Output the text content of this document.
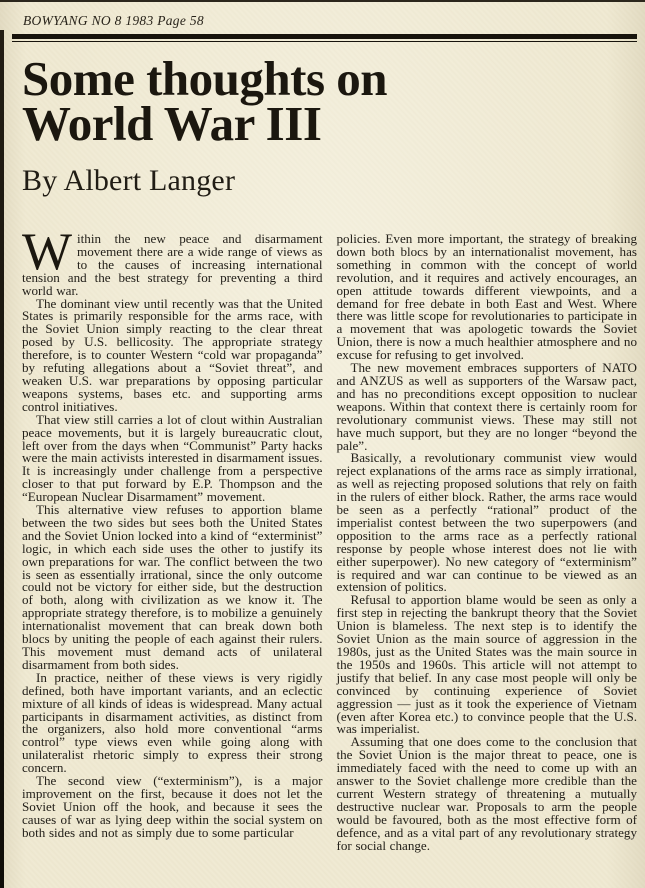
BOWYANG NO 8 1983 Page 58
Some thoughts on
World War III
By Albert Langer

Within the new peace and disarmament movement there are a wide range of views as to the causes of increasing international tension and the best strategy for preventing a third world war.

The dominant view until recently was that the United States is primarily responsible for the arms race, with the Soviet Union simply reacting to the clear threat posed by U.S. bellicosity. The appropriate strategy therefore, is to counter Western “cold war propaganda” by refuting allegations about a “Soviet threat”, and weaken U.S. war preparations by opposing particular weapons systems, bases etc. and supporting arms control initiatives.

That view still carries a lot of clout within Australian peace movements, but it is largely bureaucratic clout, left over from the days when “Communist” Party hacks were the main activists interested in disarmament issues. It is increasingly under challenge from a perspective closer to that put forward by E.P. Thompson and the “European Nuclear Disarmament” movement.

This alternative view refuses to apportion blame between the two sides but sees both the United States and the Soviet Union locked into a kind of “exterminist” logic, in which each side uses the other to justify its own preparations for war. The conflict between the two is seen as essentially irrational, since the only outcome could not be victory for either side, but the destruction of both, along with civilization as we know it. The appropriate strategy therefore, is to mobilize a genuinely internationalist movement that can break down both blocs by uniting the people of each against their rulers. This movement must demand acts of unilateral disarmament from both sides.

In practice, neither of these views is very rigidly defined, both have important variants, and an eclectic mixture of all kinds of ideas is widespread. Many actual participants in disarmament activities, as distinct from the organizers, also hold more conventional “arms control” type views even while going along with unilateralist rhetoric simply to express their strong concern.

The second view (“exterminism”), is a major improvement on the first, because it does not let the Soviet Union off the hook, and because it sees the causes of war as lying deep within the social system on both sides and not as simply due to some particular

policies. Even more important, the strategy of breaking down both blocs by an internationalist movement, has something in common with the concept of world revolution, and it requires and actively encourages, an open attitude towards different viewpoints, and a demand for free debate in both East and West. Where there was little scope for revolutionaries to participate in a movement that was apologetic towards the Soviet Union, there is now a much healthier atmosphere and no excuse for refusing to get involved.

The new movement embraces supporters of NATO and ANZUS as well as supporters of the Warsaw pact, and has no preconditions except opposition to nuclear weapons. Within that context there is certainly room for revolutionary communist views. These may still not have much support, but they are no longer “beyond the pale”.

Basically, a revolutionary communist view would reject explanations of the arms race as simply irrational, as well as rejecting proposed solutions that rely on faith in the rulers of either block. Rather, the arms race would be seen as a perfectly “rational” product of the imperialist contest between the two superpowers (and opposition to the arms race as a perfectly rational response by people whose interest does not lie with either superpower). No new category of “exterminism” is required and war can continue to be viewed as an extension of politics.

Refusal to apportion blame would be seen as only a first step in rejecting the bankrupt theory that the Soviet Union is blameless. The next step is to identify the Soviet Union as the main source of aggression in the 1980s, just as the United States was the main source in the 1950s and 1960s. This article will not attempt to justify that belief. In any case most people will only be convinced by continuing experience of Soviet aggression — just as it took the experience of Vietnam (even after Korea etc.) to convince people that the U.S. was imperialist.

Assuming that one does come to the conclusion that the Soviet Union is the major threat to peace, one is immediately faced with the need to come up with an answer to the Soviet challenge more credible than the current Western strategy of threatening a mutually destructive nuclear war. Proposals to arm the people would be favoured, both as the most effective form of defence, and as a vital part of any revolutionary strategy for social change.
